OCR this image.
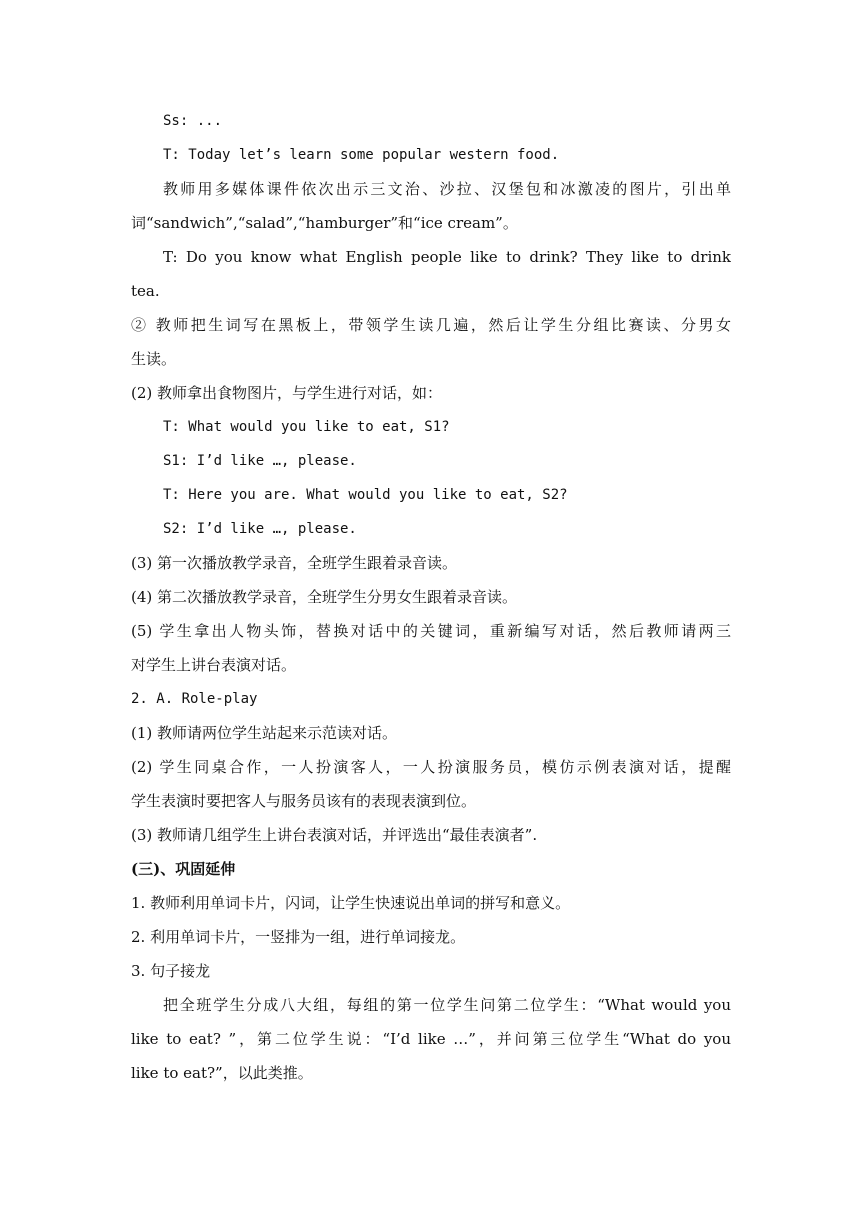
Ss: ...
T: Today let’s learn some popular western food.
教师用多媒体课件依次出示三文治、沙拉、汉堡包和冰激凌的图片，引出单
词“sandwich”,“salad”,“hamburger”和“ice cream”。
T: Do you know what English people like to drink? They like to drink
tea.
② 教师把生词写在黑板上，带领学生读几遍，然后让学生分组比赛读、分男女
生读。
(2) 教师拿出食物图片，与学生进行对话，如：
T: What would you like to eat, S1?
S1: I’d like …, please.
T: Here you are. What would you like to eat, S2?
S2: I’d like …, please.
(3) 第一次播放教学录音，全班学生跟着录音读。
(4) 第二次播放教学录音，全班学生分男女生跟着录音读。
(5) 学生拿出人物头饰，替换对话中的关键词，重新编写对话，然后教师请两三
对学生上讲台表演对话。
2. A. Role-play
(1) 教师请两位学生站起来示范读对话。
(2) 学生同桌合作，一人扮演客人，一人扮演服务员，模仿示例表演对话，提醒
学生表演时要把客人与服务员该有的表现表演到位。
(3) 教师请几组学生上讲台表演对话，并评选出“最佳表演者”.
(三)、巩固延伸
1. 教师利用单词卡片，闪词，让学生快速说出单词的拼写和意义。
2. 利用单词卡片，一竖排为一组，进行单词接龙。
3. 句子接龙
把全班学生分成八大组，每组的第一位学生问第二位学生：“What would you
like to eat? ”，第二位学生说：“I’d like …”，并问第三位学生“What do you
like to eat?”，以此类推。
